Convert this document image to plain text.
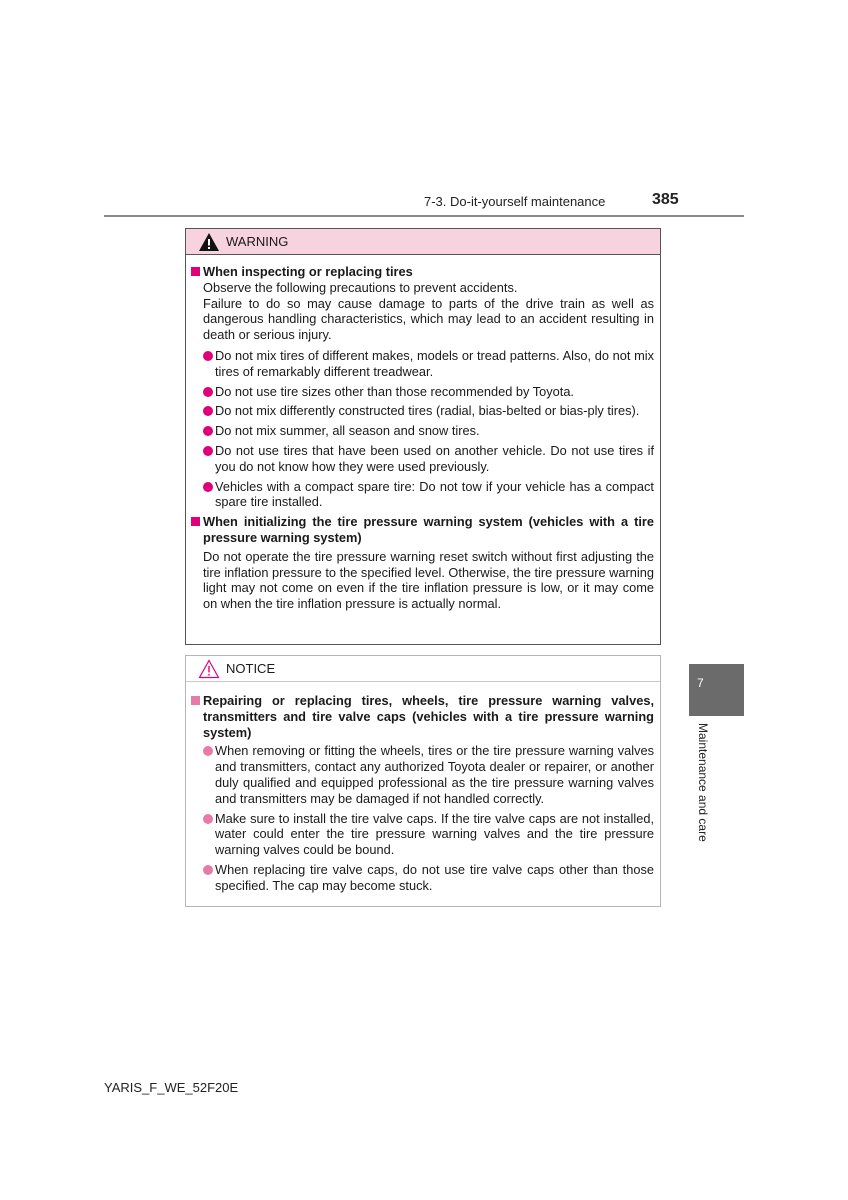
7-3. Do-it-yourself maintenance	385
WARNING
When inspecting or replacing tires
Observe the following precautions to prevent accidents.
Failure to do so may cause damage to parts of the drive train as well as dangerous handling characteristics, which may lead to an accident resulting in death or serious injury.
Do not mix tires of different makes, models or tread patterns. Also, do not mix tires of remarkably different treadwear.
Do not use tire sizes other than those recommended by Toyota.
Do not mix differently constructed tires (radial, bias-belted or bias-ply tires).
Do not mix summer, all season and snow tires.
Do not use tires that have been used on another vehicle. Do not use tires if you do not know how they were used previously.
Vehicles with a compact spare tire: Do not tow if your vehicle has a compact spare tire installed.
When initializing the tire pressure warning system (vehicles with a tire pressure warning system)
Do not operate the tire pressure warning reset switch without first adjusting the tire inflation pressure to the specified level. Otherwise, the tire pressure warning light may not come on even if the tire inflation pressure is low, or it may come on when the tire inflation pressure is actually normal.
NOTICE
Repairing or replacing tires, wheels, tire pressure warning valves, transmitters and tire valve caps (vehicles with a tire pressure warning system)
When removing or fitting the wheels, tires or the tire pressure warning valves and transmitters, contact any authorized Toyota dealer or repairer, or another duly qualified and equipped professional as the tire pressure warning valves and transmitters may be damaged if not handled correctly.
Make sure to install the tire valve caps. If the tire valve caps are not installed, water could enter the tire pressure warning valves and the tire pressure warning valves could be bound.
When replacing tire valve caps, do not use tire valve caps other than those specified. The cap may become stuck.
7
Maintenance and care
YARIS_F_WE_52F20E
